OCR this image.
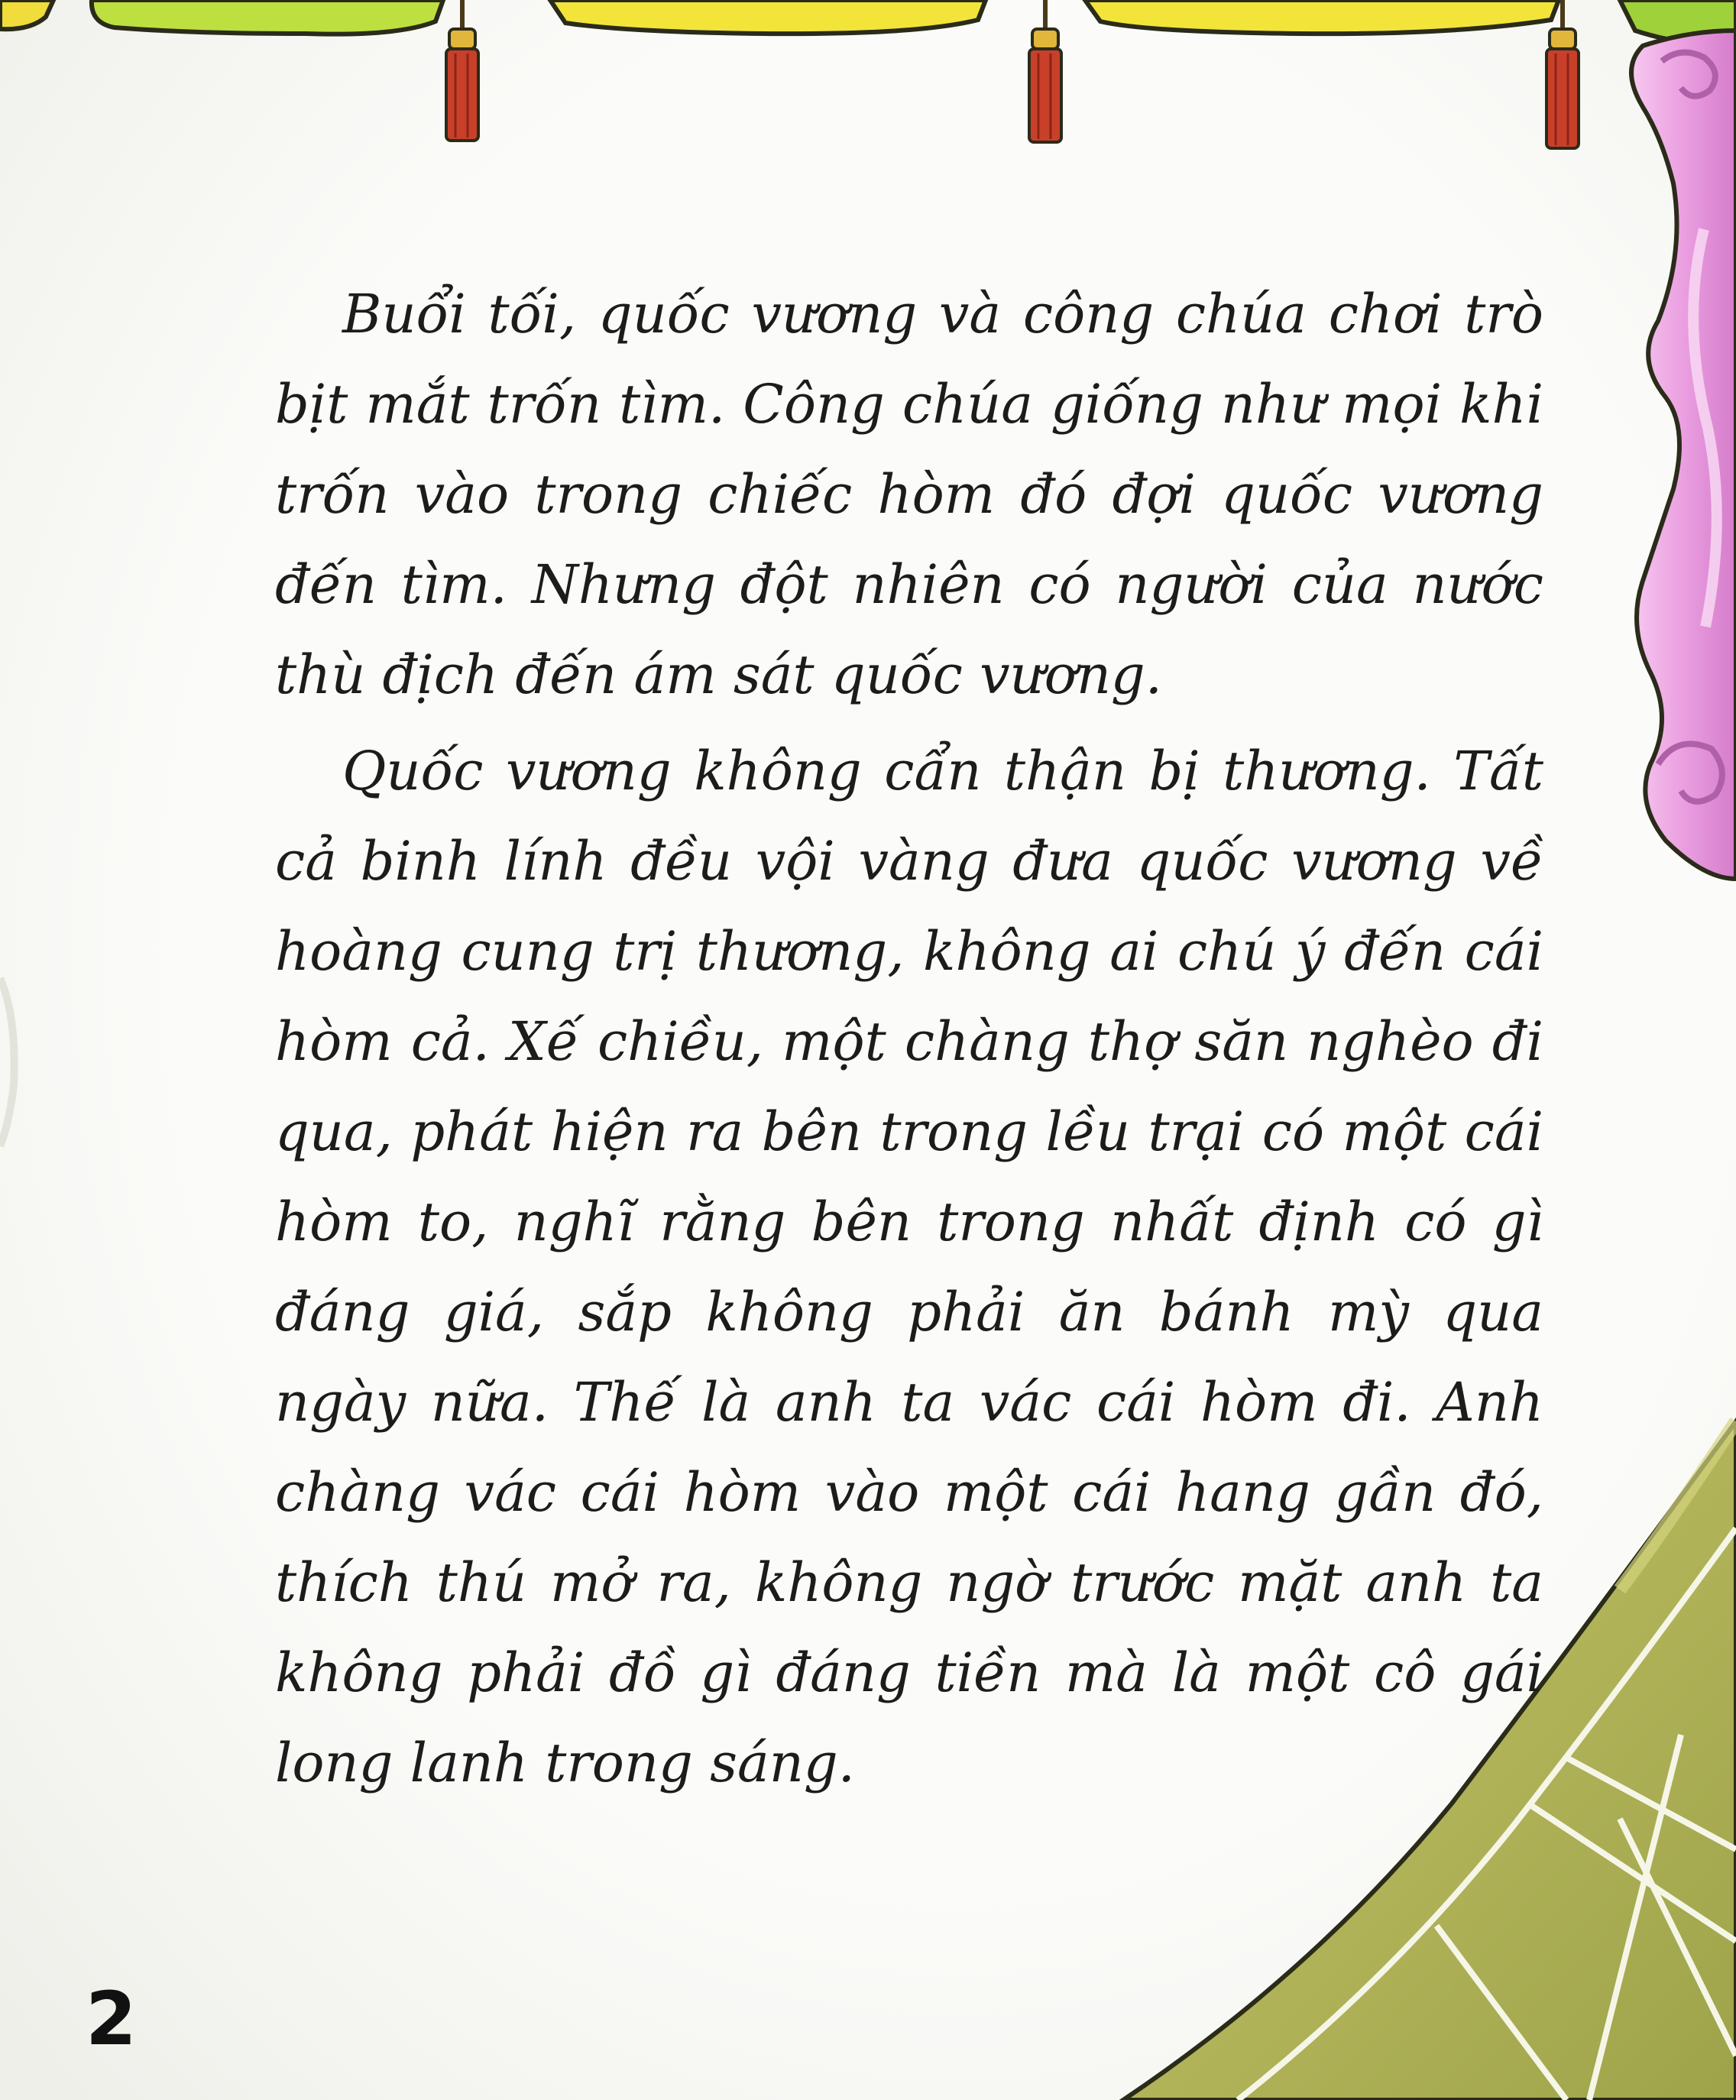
Buổi tối, quốc vương và công chúa chơi trò bịt mắt trốn tìm. Công chúa giống như mọi khi trốn vào trong chiếc hòm đó đợi quốc vương đến tìm. Nhưng đột nhiên có người của nước thù địch đến ám sát quốc vương.

Quốc vương không cẩn thận bị thương. Tất cả binh lính đều vội vàng đưa quốc vương về hoàng cung trị thương, không ai chú ý đến cái hòm cả. Xế chiều, một chàng thợ săn nghèo đi qua, phát hiện ra bên trong lều trại có một cái hòm to, nghĩ rằng bên trong nhất định có gì đáng giá, sắp không phải ăn bánh mỳ qua ngày nữa. Thế là anh ta vác cái hòm đi. Anh chàng vác cái hòm vào một cái hang gần đó, thích thú mở ra, không ngờ trước mặt anh ta không phải đồ gì đáng tiền mà là một cô gái long lanh trong sáng.

2
